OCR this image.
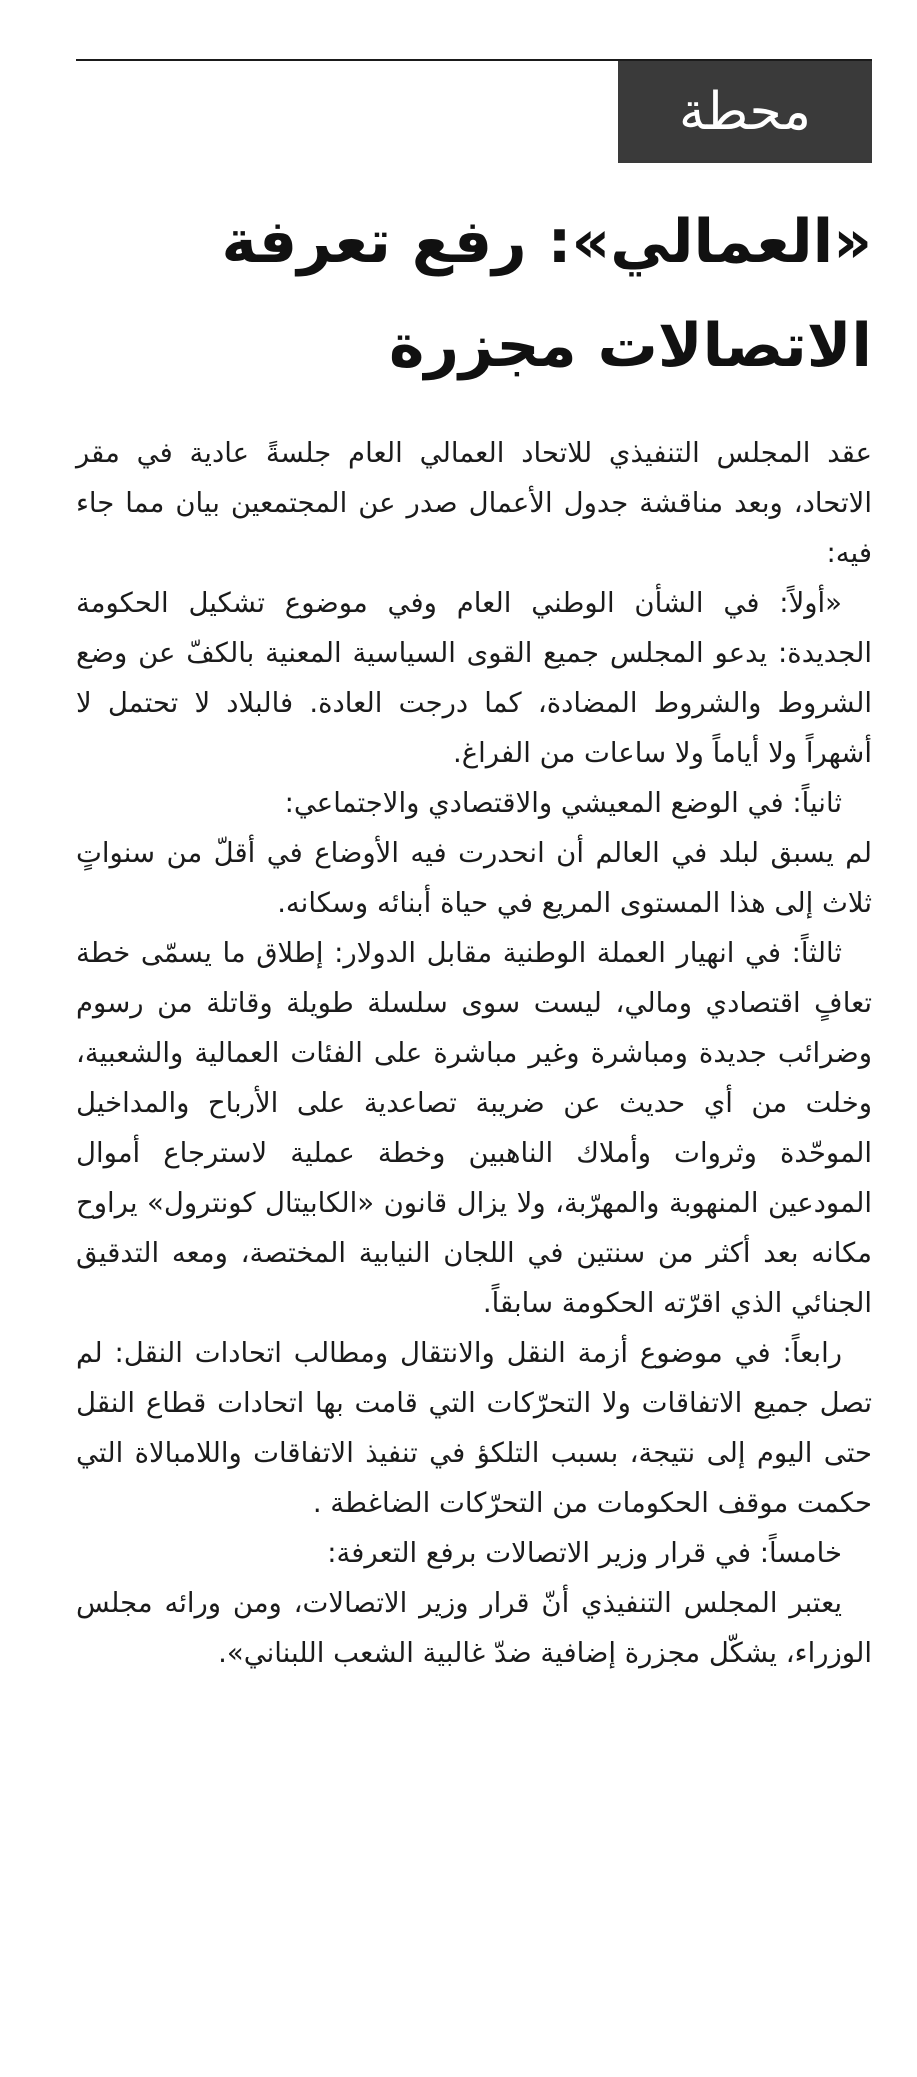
محطة
«العمالي»: رفع تعرفة
الاتصالات مجزرة

عقد المجلس التنفيذي للاتحاد العمالي العام جلسةً عادية في مقر الاتحاد، وبعد مناقشة جدول الأعمال صدر عن المجتمعين بيان مما جاء فيه:

«أولاً: في الشأن الوطني العام وفي موضوع تشكيل الحكومة الجديدة: يدعو المجلس جميع القوى السياسية المعنية بالكفّ عن وضع الشروط والشروط المضادة، كما درجت العادة. فالبلاد لا تحتمل لا أشهراً ولا أياماً ولا ساعات من الفراغ.

ثانياً: في الوضع المعيشي والاقتصادي والاجتماعي:

لم يسبق لبلد في العالم أن انحدرت فيه الأوضاع في أقلّ من سنواتٍ ثلاث إلى هذا المستوى المريع في حياة أبنائه وسكانه.

ثالثاً: في انهيار العملة الوطنية مقابل الدولار: إطلاق ما يسمّى خطة تعافٍ اقتصادي ومالي، ليست سوى سلسلة طويلة وقاتلة من رسوم وضرائب جديدة ومباشرة وغير مباشرة على الفئات العمالية والشعبية، وخلت من أي حديث عن ضريبة تصاعدية على الأرباح والمداخيل الموحّدة وثروات وأملاك الناهبين وخطة عملية لاسترجاع أموال المودعين المنهوبة والمهرّبة، ولا يزال قانون «الكابيتال كونترول» يراوح مكانه بعد أكثر من سنتين في اللجان النيابية المختصة، ومعه التدقيق الجنائي الذي اقرّته الحكومة سابقاً.

رابعاً: في موضوع أزمة النقل والانتقال ومطالب اتحادات النقل: لم تصل جميع الاتفاقات ولا التحرّكات التي قامت بها اتحادات قطاع النقل حتى اليوم إلى نتيجة، بسبب التلكؤ في تنفيذ الاتفاقات واللامبالاة التي حكمت موقف الحكومات من التحرّكات الضاغطة .

خامساً: في قرار وزير الاتصالات برفع التعرفة:

يعتبر المجلس التنفيذي أنّ قرار وزير الاتصالات، ومن ورائه مجلس الوزراء، يشكّل مجزرة إضافية ضدّ غالبية الشعب اللبناني».
